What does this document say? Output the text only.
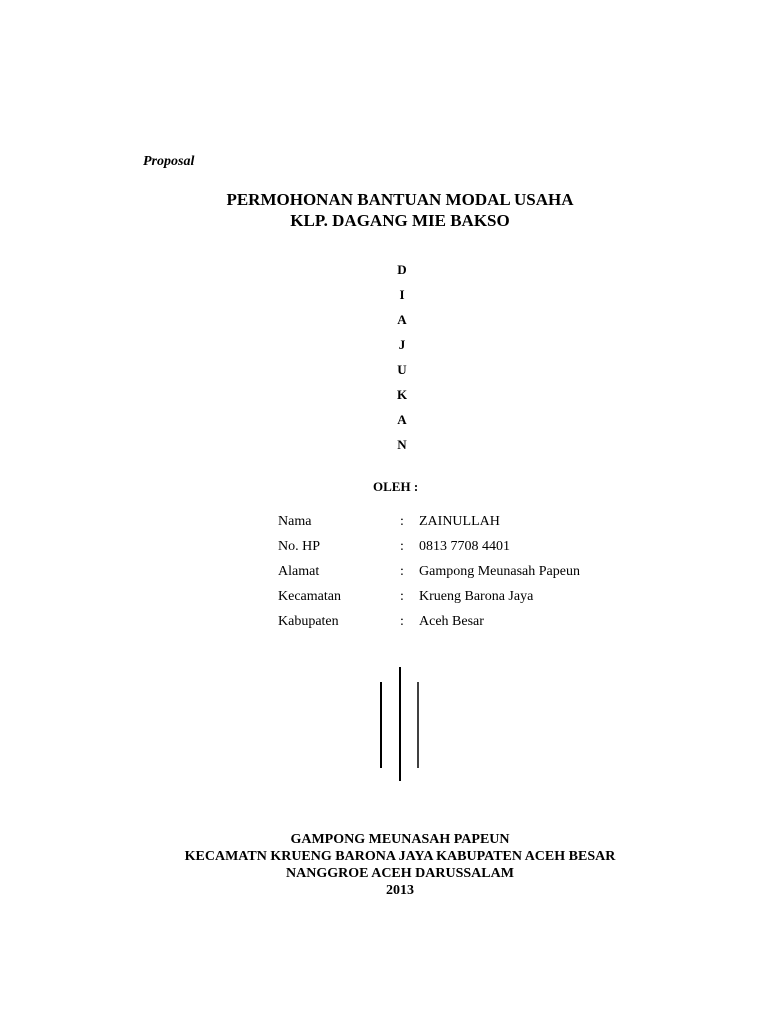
Proposal
PERMOHONAN BANTUAN MODAL USAHA
KLP. DAGANG MIE BAKSO
D
I
A
J
U
K
A
N
OLEH :
Nama	: ZAINULLAH
No. HP	: 0813 7708 4401
Alamat	: Gampong Meunasah Papeun
Kecamatan	: Krueng Barona Jaya
Kabupaten	: Aceh Besar
GAMPONG MEUNASAH PAPEUN
KECAMATN KRUENG BARONA JAYA KABUPATEN ACEH BESAR
NANGGROE ACEH DARUSSALAM
2013
